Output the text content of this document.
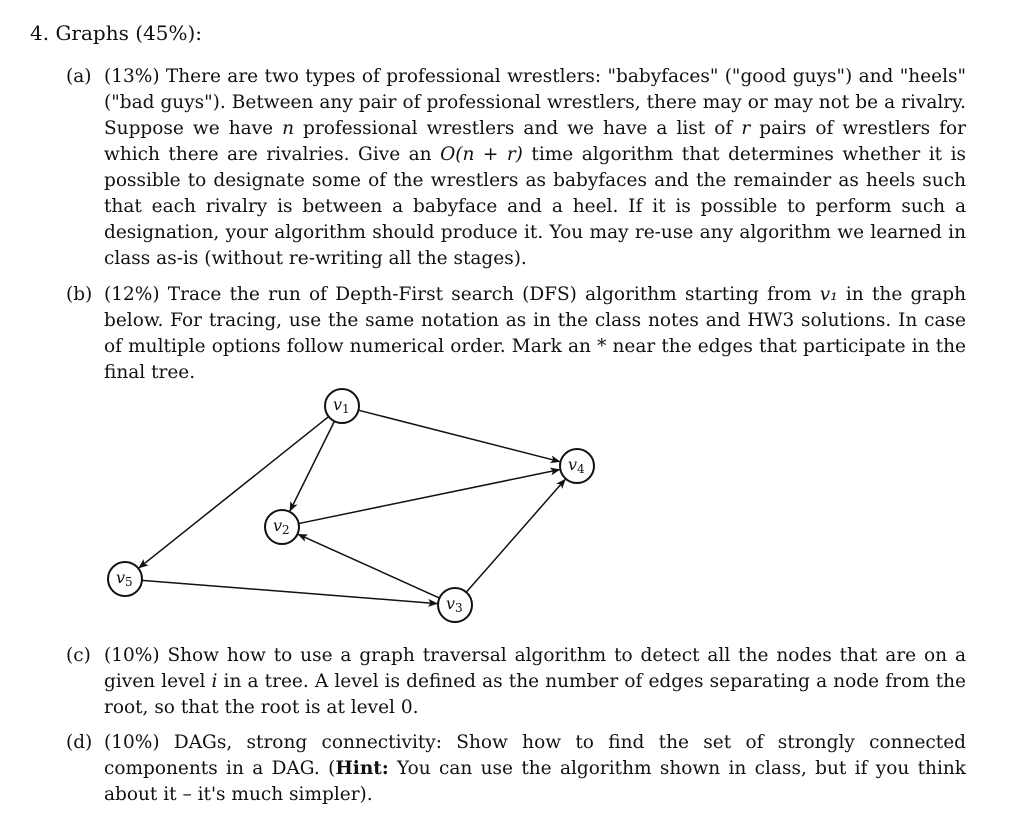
4. Graphs (45%):
(a) (13%) There are two types of professional wrestlers: "babyfaces" ("good guys") and "heels" ("bad guys"). Between any pair of professional wrestlers, there may or may not be a rivalry. Suppose we have n professional wrestlers and we have a list of r pairs of wrestlers for which there are rivalries. Give an O(n + r) time algorithm that determines whether it is possible to designate some of the wrestlers as babyfaces and the remainder as heels such that each rivalry is between a babyface and a heel. If it is possible to perform such a designation, your algorithm should produce it. You may re-use any algorithm we learned in class as-is (without re-writing all the stages).
(b) (12%) Trace the run of Depth-First search (DFS) algorithm starting from v₁ in the graph below. For tracing, use the same notation as in the class notes and HW3 solutions. In case of multiple options follow numerical order. Mark an * near the edges that participate in the final tree.
v1
v2
v3
v4
v5
(c) (10%) Show how to use a graph traversal algorithm to detect all the nodes that are on a given level i in a tree. A level is defined as the number of edges separating a node from the root, so that the root is at level 0.
(d) (10%) DAGs, strong connectivity: Show how to find the set of strongly connected components in a DAG. (Hint: You can use the algorithm shown in class, but if you think about it – it's much simpler).
